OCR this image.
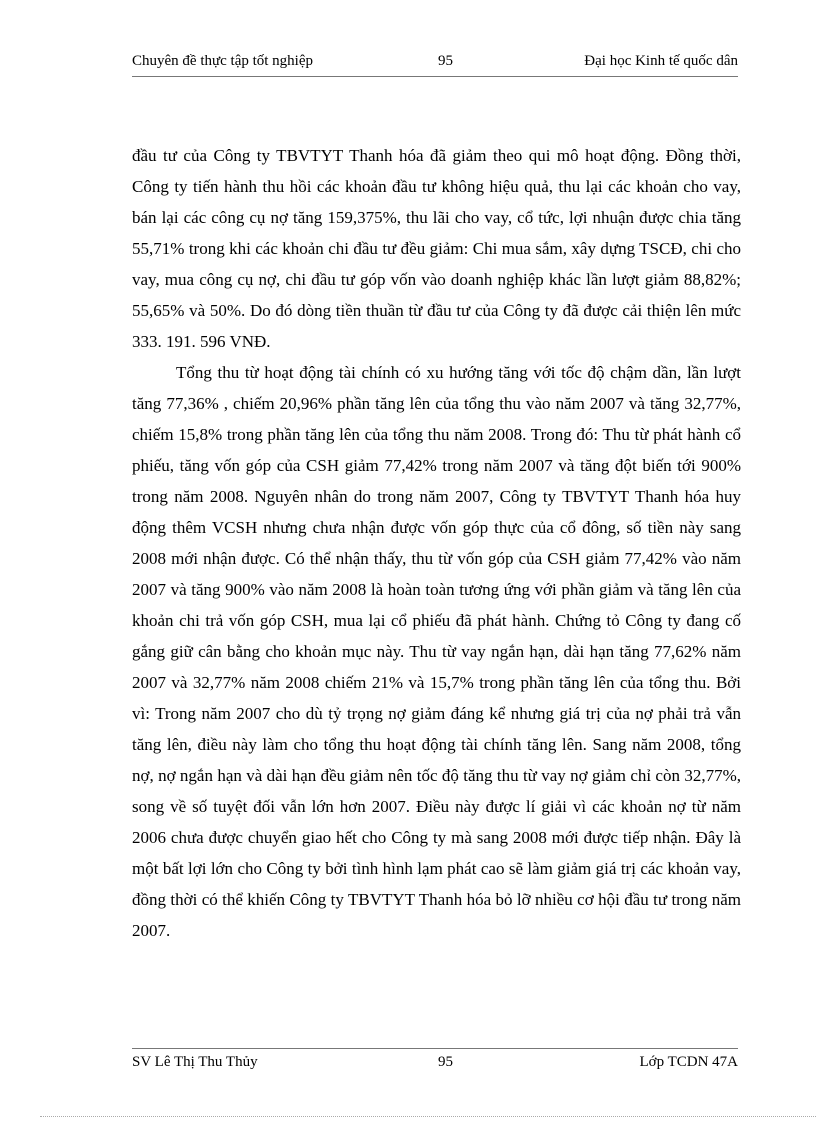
Chuyên đề thực tập tốt nghiệp	95	Đại học Kinh tế quốc dân

đầu tư của Công ty TBVTYT Thanh hóa đã giảm theo qui mô hoạt động. Đồng thời, Công ty tiến hành thu hồi các khoản đầu tư không hiệu quả, thu lại các khoản cho vay, bán lại các công cụ nợ tăng 159,375%, thu lãi cho vay, cổ tức, lợi nhuận được chia tăng 55,71% trong khi các khoản chi đầu tư đều giảm: Chi mua sắm, xây dựng TSCĐ, chi cho vay, mua công cụ nợ, chi đầu tư góp vốn vào doanh nghiệp khác lần lượt giảm 88,82%; 55,65% và 50%. Do đó dòng tiền thuần từ đầu tư của Công ty đã được cải thiện lên mức 333. 191. 596 VNĐ.

Tổng thu từ hoạt động tài chính có xu hướng tăng với tốc độ chậm dần, lần lượt tăng 77,36% , chiếm 20,96% phần tăng lên của tổng thu vào năm 2007 và tăng 32,77%, chiếm 15,8% trong phần tăng lên của tổng thu năm 2008. Trong đó: Thu từ phát hành cổ phiếu, tăng vốn góp của CSH giảm 77,42% trong năm 2007 và tăng đột biến tới 900% trong năm 2008. Nguyên nhân do trong năm 2007, Công ty TBVTYT Thanh hóa huy động thêm VCSH nhưng chưa nhận được vốn góp thực của cổ đông, số tiền này sang 2008 mới nhận được. Có thể nhận thấy, thu từ vốn góp của CSH giảm 77,42% vào năm 2007 và tăng 900% vào năm 2008 là hoàn toàn tương ứng với phần giảm và tăng lên của khoản chi trả vốn góp CSH, mua lại cổ phiếu đã phát hành. Chứng tỏ Công ty đang cố gắng giữ cân bằng cho khoản mục này. Thu từ vay ngắn hạn, dài hạn tăng 77,62% năm 2007 và 32,77% năm 2008 chiếm 21% và 15,7% trong phần tăng lên của tổng thu. Bởi vì: Trong năm 2007 cho dù tỷ trọng nợ giảm đáng kể nhưng giá trị của nợ phải trả vẫn tăng lên, điều này làm cho tổng thu hoạt động tài chính tăng lên. Sang năm 2008, tổng nợ, nợ ngắn hạn và dài hạn đều giảm nên tốc độ tăng thu từ vay nợ giảm chỉ còn 32,77%, song về số tuyệt đối vẫn lớn hơn 2007. Điều này được lí giải vì các khoản nợ từ năm 2006 chưa được chuyển giao hết cho Công ty mà sang 2008 mới được tiếp nhận. Đây là một bất lợi lớn cho Công ty bởi tình hình lạm phát cao sẽ làm giảm giá trị các khoản vay, đồng thời có thể khiến Công ty TBVTYT Thanh hóa bỏ lỡ nhiều cơ hội đầu tư trong năm 2007.

SV Lê Thị Thu Thủy	95	Lớp TCDN 47A
